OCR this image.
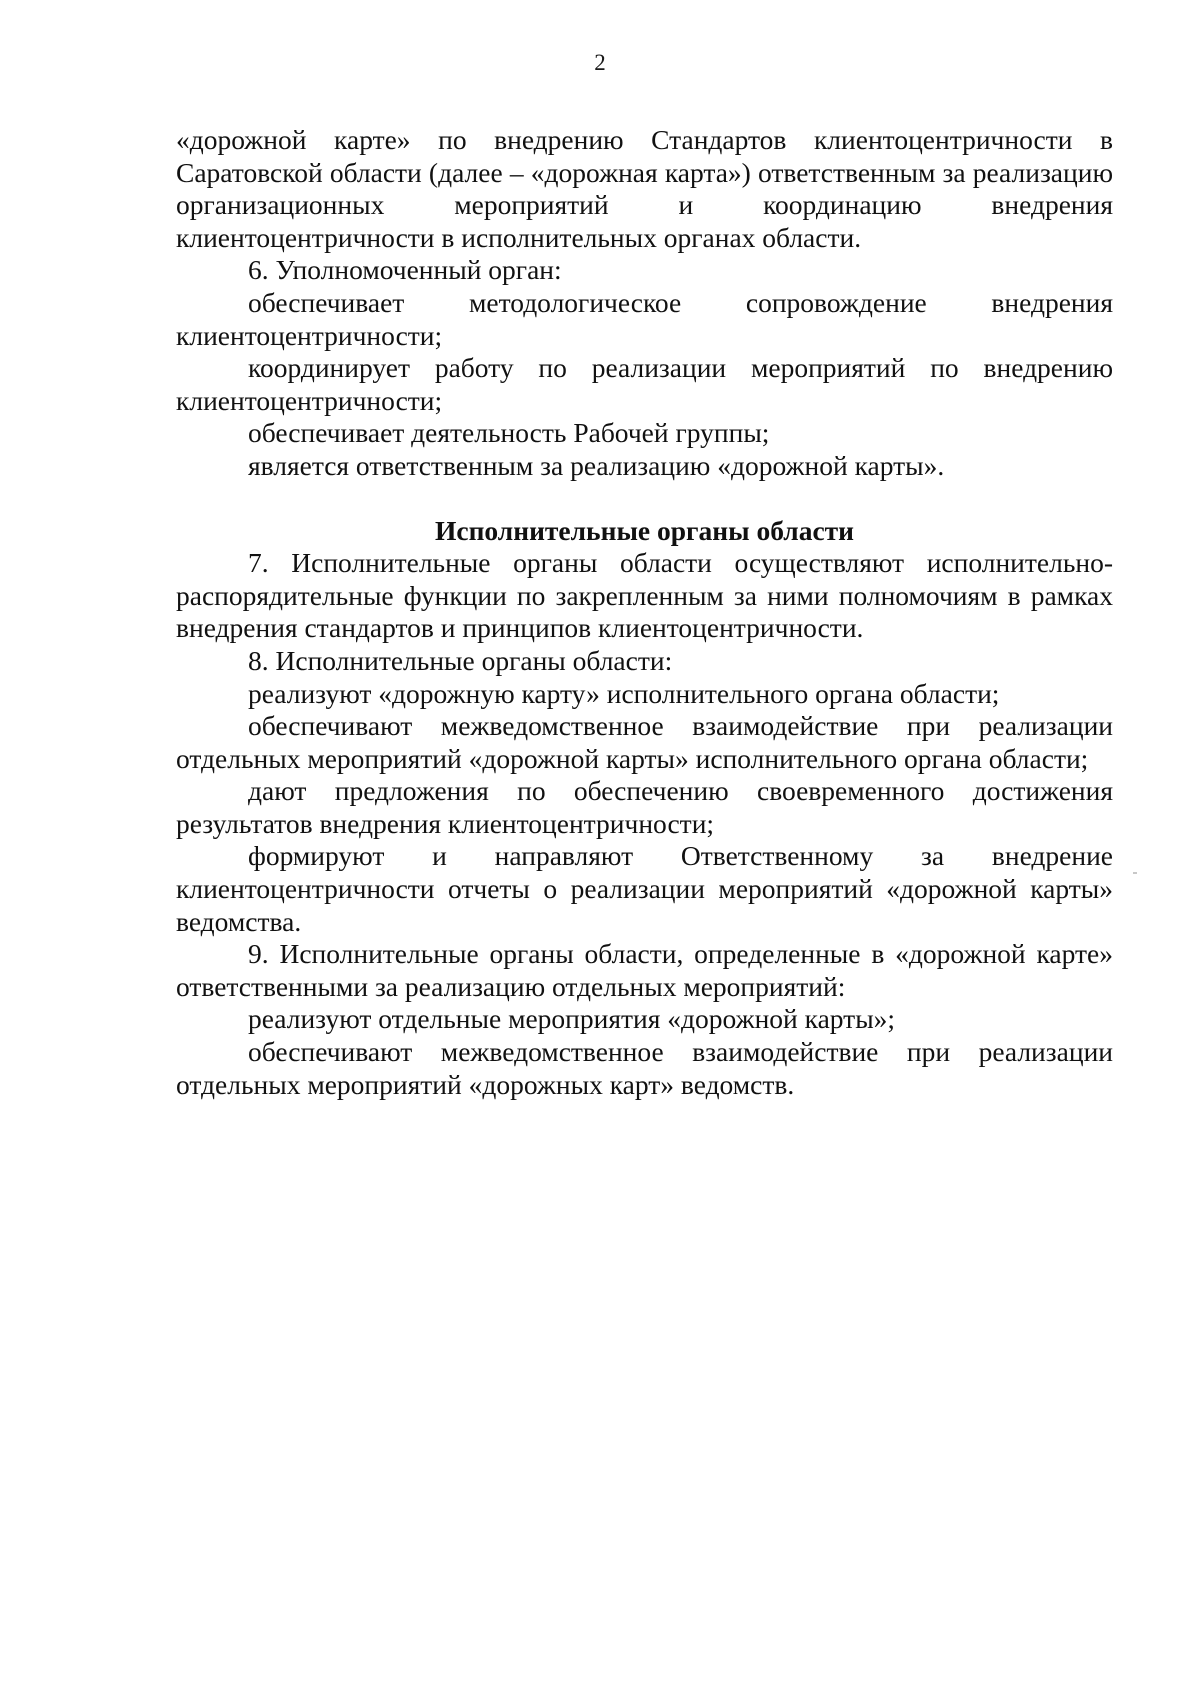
2

«дорожной карте» по внедрению Стандартов клиентоцентричности в Саратовской области (далее – «дорожная карта») ответственным за реализацию организационных мероприятий и координацию внедрения клиентоцентричности в исполнительных органах области.

6. Уполномоченный орган:

обеспечивает методологическое сопровождение внедрения клиентоцентричности;

координирует работу по реализации мероприятий по внедрению клиентоцентричности;

обеспечивает деятельность Рабочей группы;

является ответственным за реализацию «дорожной карты».

Исполнительные органы области

7. Исполнительные органы области осуществляют исполнительно-распорядительные функции по закрепленным за ними полномочиям в рамках внедрения стандартов и принципов клиентоцентричности.

8. Исполнительные органы области:

реализуют «дорожную карту» исполнительного органа области;

обеспечивают межведомственное взаимодействие при реализации отдельных мероприятий «дорожной карты» исполнительного органа области;

дают предложения по обеспечению своевременного достижения результатов внедрения клиентоцентричности;

формируют и направляют Ответственному за внедрение клиентоцентричности отчеты о реализации мероприятий «дорожной карты» ведомства.

9. Исполнительные органы области, определенные в «дорожной карте» ответственными за реализацию отдельных мероприятий:

реализуют отдельные мероприятия «дорожной карты»;

обеспечивают межведомственное взаимодействие при реализации отдельных мероприятий «дорожных карт» ведомств.
